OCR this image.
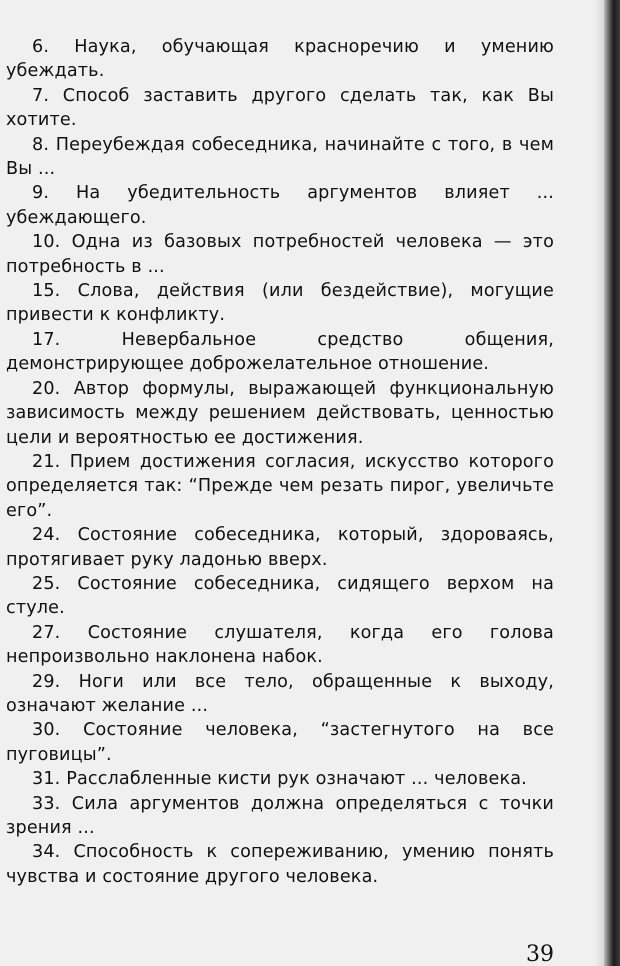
6. Наука, обучающая красноречию и умению убеждать.

7. Способ заставить другого сделать так, как Вы хотите.

8. Переубеждая собеседника, начинайте с того, в чем Вы ...

9. На убедительность аргументов влияет ... убеждающего.

10. Одна из базовых потребностей человека — это потребность в ...

15. Слова, действия (или бездействие), могущие привести к конфликту.

17.	Невербальное средство общения, демонстрирующее доброжелательное отношение.

20. Автор формулы, выражающей функциональную зависимость между решением действовать, ценностью цели и вероятностью ее достижения.

21. Прием достижения согласия, искусство которого определяется так: “Прежде чем резать пирог, увеличьте его”.

24. Состояние собеседника, который, здороваясь, протягивает руку ладонью вверх.

25. Состояние собеседника, сидящего верхом на стуле.

27. Состояние слушателя, когда его голова непроизвольно наклонена набок.

29. Ноги или все тело, обращенные к выходу, означают желание ...

30. Состояние человека, “застегнутого на все пуговицы”.

31. Расслабленные кисти рук означают ... человека.

33. Сила аргументов должна определяться с точки зрения ...

34. Способность к сопереживанию, умению понять чувства и состояние другого человека.

39
